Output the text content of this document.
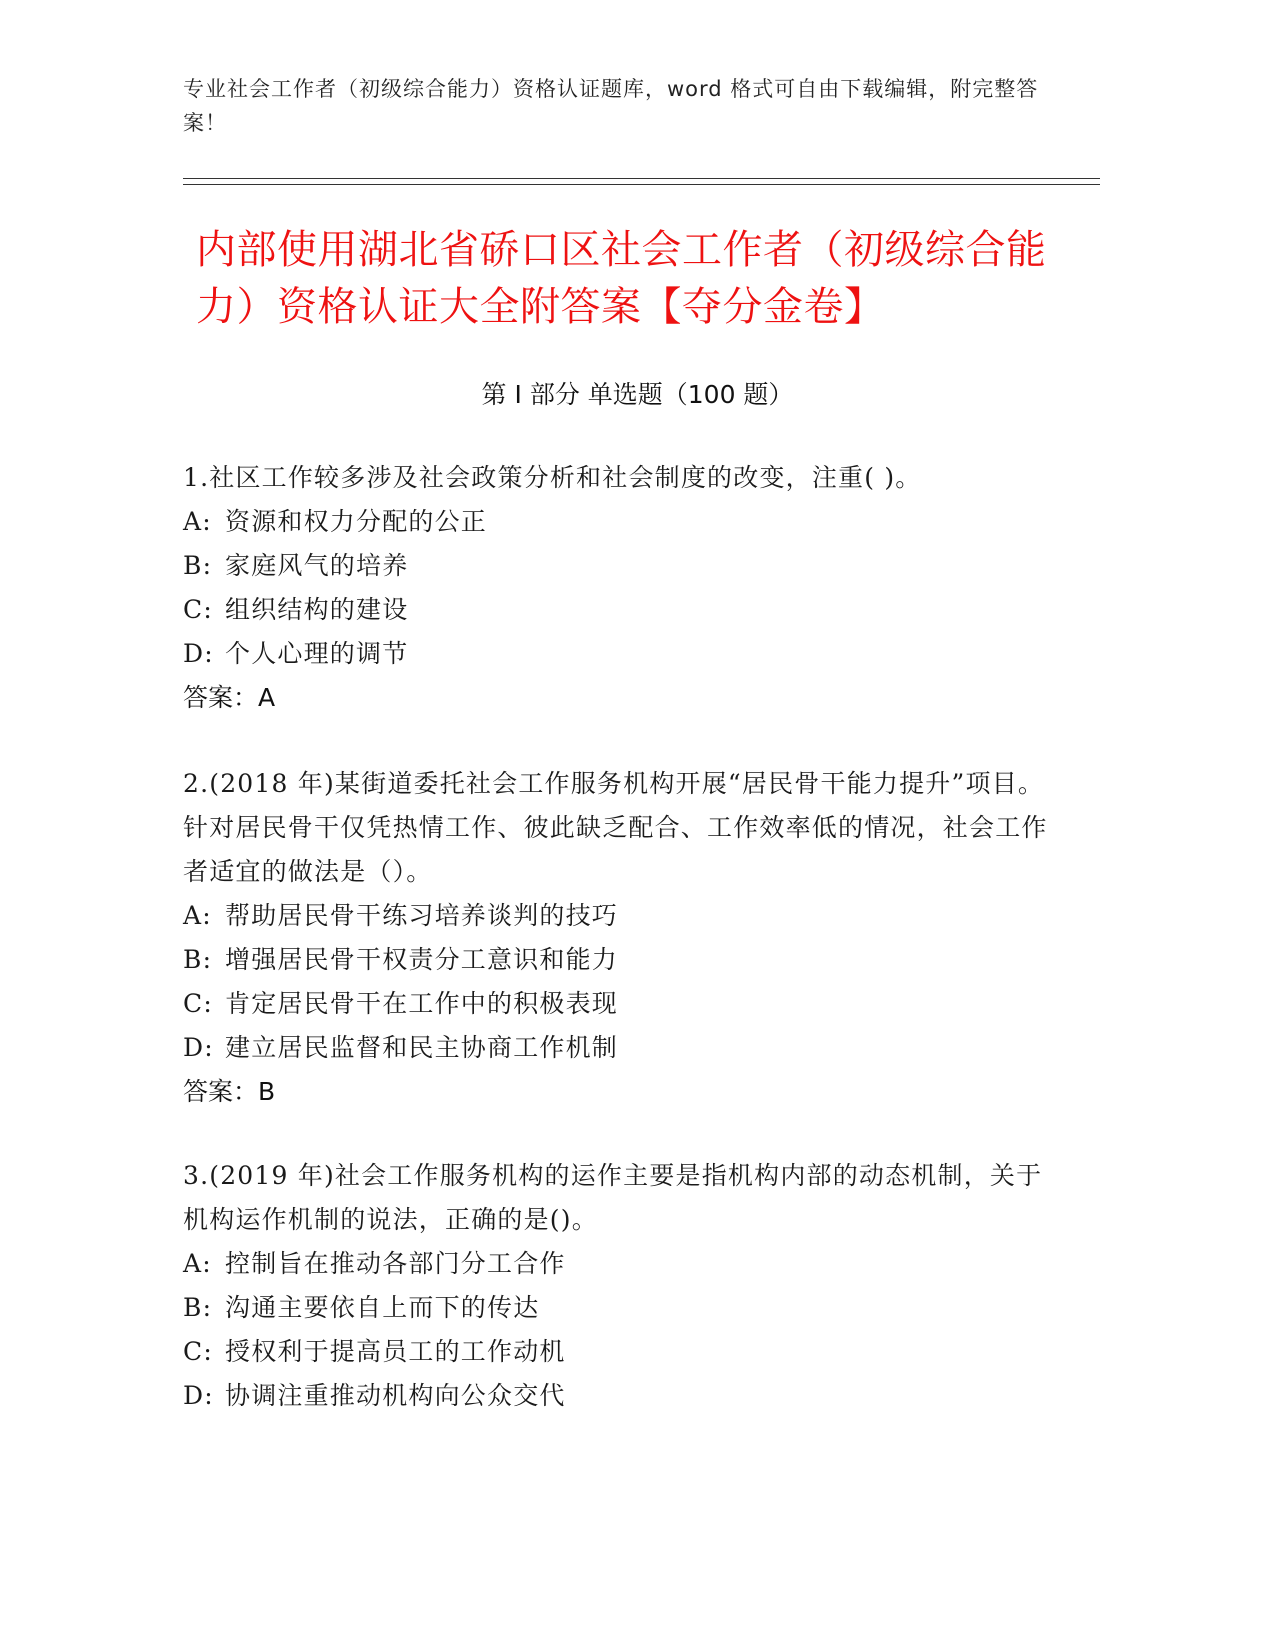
专业社会工作者（初级综合能力）资格认证题库，word 格式可自由下载编辑，附完整答案！
内部使用湖北省硚口区社会工作者（初级综合能力）资格认证大全附答案【夺分金卷】
第 I 部分 单选题（100 题）
1.社区工作较多涉及社会政策分析和社会制度的改变，注重( )。
A: 资源和权力分配的公正
B: 家庭风气的培养
C: 组织结构的建设
D: 个人心理的调节
答案：A
2.(2018 年)某街道委托社会工作服务机构开展“居民骨干能力提升”项目。针对居民骨干仅凭热情工作、彼此缺乏配合、工作效率低的情况，社会工作者适宜的做法是（）。
A: 帮助居民骨干练习培养谈判的技巧
B: 增强居民骨干权责分工意识和能力
C: 肯定居民骨干在工作中的积极表现
D: 建立居民监督和民主协商工作机制
答案：B
3.(2019 年)社会工作服务机构的运作主要是指机构内部的动态机制，关于机构运作机制的说法，正确的是()。
A: 控制旨在推动各部门分工合作
B: 沟通主要依自上而下的传达
C: 授权利于提高员工的工作动机
D: 协调注重推动机构向公众交代
